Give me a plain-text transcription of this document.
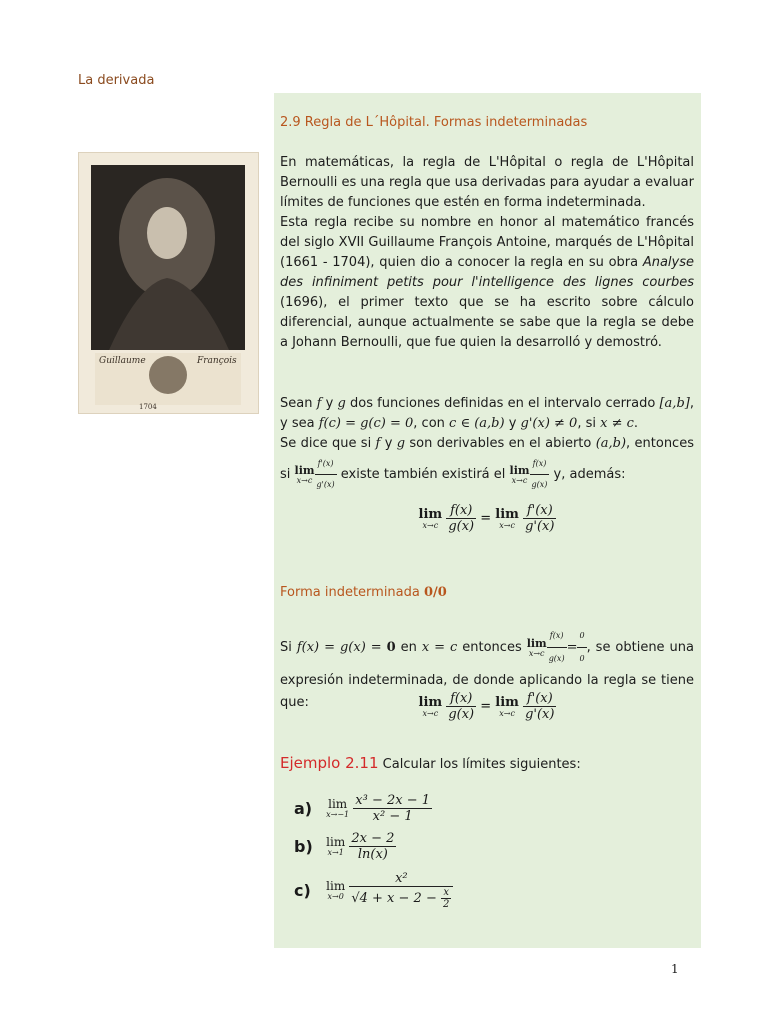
La derivada
Guillaume	François
1704
2.9 Regla de L´Hôpital. Formas indeterminadas
En matemáticas, la regla de L'Hôpital o regla de L'Hôpital Bernoulli es una regla que usa derivadas para ayudar a evaluar límites de funciones que estén en forma indeterminada.
Esta regla recibe su nombre en honor al matemático francés del siglo XVII Guillaume François Antoine, marqués de L'Hôpital (1661 - 1704), quien dio a conocer la regla en su obra Analyse des infiniment petits pour l'intelligence des lignes courbes (1696), el primer texto que se ha escrito sobre cálculo diferencial, aunque actualmente se sabe que la regla se debe a Johann Bernoulli, que fue quien la desarrolló y demostró.
Sean f y g dos funciones definidas en el intervalo cerrado [a,b], y sea f(c) = g(c) = 0, con c ∈ (a,b) y g'(x) ≠ 0, si x ≠ c.
Se dice que si f y g son derivables en el abierto (a,b), entonces si lim
$x\to c \frac{f'(x)}{g'(x)}$ existe también existirá el lim
$x\to c \frac{f(x)}{g(x)} y$, además:
lim
x→c
$\frac{f(x)}{g(x)} = \lim$
x→c
$\frac{f'(x)}{g'(x)}$
Forma indeterminada 0/0
Si f(x) = g(x) = 0 en x = c entonces lim
$x\to c \frac{f(x)}{g(x)} = \frac{0}{0}$ , se obtiene una expresión indeterminada, de donde aplicando la regla se tiene que:	lim
x→c
$\frac{f(x)}{g(x)} = \lim$
x→c
$\frac{f'(x)}{g'(x)}$
Ejemplo 2.11 Calcular los límites siguientes:
a) lim
x→−1
$\frac{\text{x³ − 2x − 1}}{\text{x² − 1}}$
b) lim
x→1
$\frac{2x - 2}{\ln(x)}$
c) lim
x→0
$\frac{\text{x²}}{√4 + x - 2 - \frac{x}{2}}$
1
